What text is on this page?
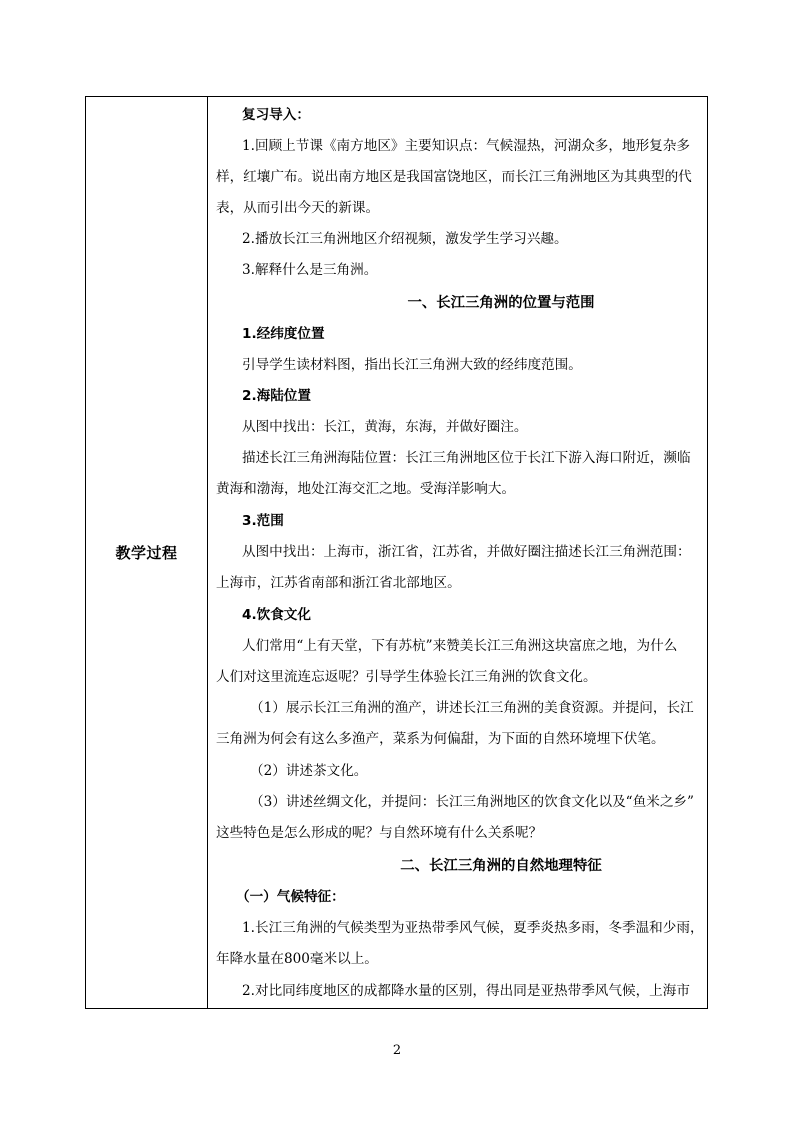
教学过程	
复习导入：
1.回顾上节课《南方地区》主要知识点：气候湿热，河湖众多，地形复杂多
样，红壤广布。说出南方地区是我国富饶地区，而长江三角洲地区为其典型的代
表，从而引出今天的新课。
2.播放长江三角洲地区介绍视频，激发学生学习兴趣。
3.解释什么是三角洲。
一、长江三角洲的位置与范围
1.经纬度位置
引导学生读材料图，指出长江三角洲大致的经纬度范围。
2.海陆位置
从图中找出：长江，黄海，东海，并做好圈注。
描述长江三角洲海陆位置：长江三角洲地区位于长江下游入海口附近，濒临
黄海和渤海，地处江海交汇之地。受海洋影响大。
3.范围
从图中找出：上海市，浙江省，江苏省，并做好圈注描述长江三角洲范围：
上海市，江苏省南部和浙江省北部地区。
4.饮食文化
人们常用“上有天堂，下有苏杭”来赞美长江三角洲这块富庶之地，为什么
人们对这里流连忘返呢？引导学生体验长江三角洲的饮食文化。
（1）展示长江三角洲的渔产，讲述长江三角洲的美食资源。并提问，长江
三角洲为何会有这么多渔产，菜系为何偏甜，为下面的自然环境埋下伏笔。
（2）讲述茶文化。
（3）讲述丝绸文化，并提问：长江三角洲地区的饮食文化以及“鱼米之乡”
这些特色是怎么形成的呢？与自然环境有什么关系呢？
二、长江三角洲的自然地理特征
（一）气候特征：
1.长江三角洲的气候类型为亚热带季风气候，夏季炎热多雨，冬季温和少雨，
年降水量在800毫米以上。
2.对比同纬度地区的成都降水量的区别，得出同是亚热带季风气候，上海市
2
